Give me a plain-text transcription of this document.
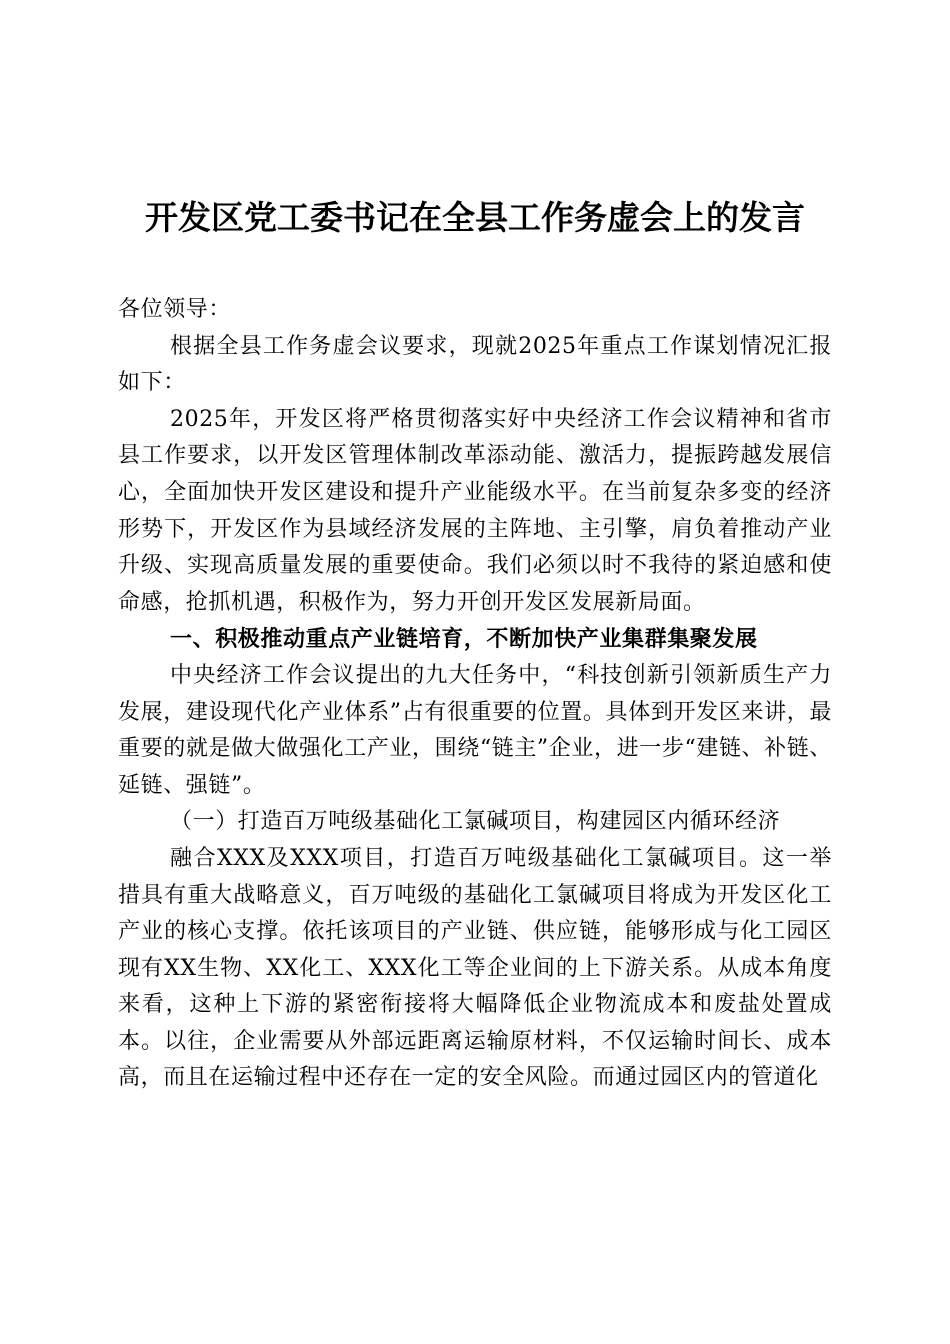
开发区党工委书记在全县工作务虚会上的发言

各位领导：

根据全县工作务虚会议要求，现就2025年重点工作谋划情况汇报如下：

2025年，开发区将严格贯彻落实好中央经济工作会议精神和省市县工作要求，以开发区管理体制改革添动能、激活力，提振跨越发展信心，全面加快开发区建设和提升产业能级水平。在当前复杂多变的经济形势下，开发区作为县域经济发展的主阵地、主引擎，肩负着推动产业升级、实现高质量发展的重要使命。我们必须以时不我待的紧迫感和使命感，抢抓机遇，积极作为，努力开创开发区发展新局面。

一、积极推动重点产业链培育，不断加快产业集群集聚发展

中央经济工作会议提出的九大任务中，“科技创新引领新质生产力发展，建设现代化产业体系”占有很重要的位置。具体到开发区来讲，最重要的就是做大做强化工产业，围绕“链主”企业，进一步“建链、补链、延链、强链”。

（一）打造百万吨级基础化工氯碱项目，构建园区内循环经济

融合XXX及XXX项目，打造百万吨级基础化工氯碱项目。这一举措具有重大战略意义，百万吨级的基础化工氯碱项目将成为开发区化工产业的核心支撑。依托该项目的产业链、供应链，能够形成与化工园区现有XX生物、XX化工、XXX化工等企业间的上下游关系。从成本角度来看，这种上下游的紧密衔接将大幅降低企业物流成本和废盐处置成本。以往，企业需要从外部远距离运输原材料，不仅运输时间长、成本高，而且在运输过程中还存在一定的安全风险。而通过园区内的管道化
